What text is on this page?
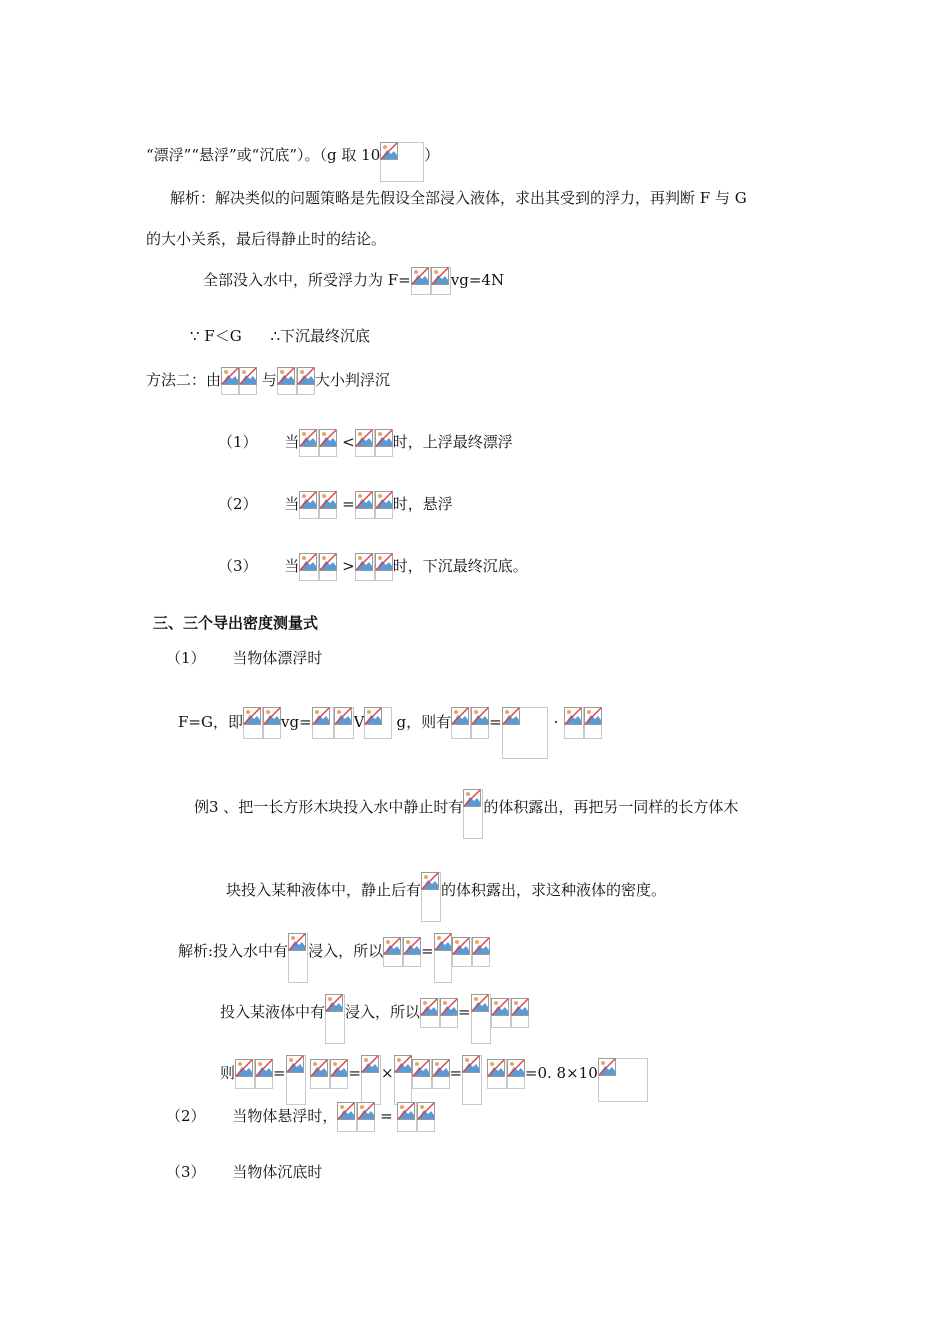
“漂浮”“悬浮”或“沉底”）。（g 取 10	）
解析：解决类似的问题策略是先假设全部浸入液体，求出其受到的浮力，再判断 F 与 G
的大小关系，最后得静止时的结论。
全部没入水中，所受浮力为 F=	vg=4N
∵ F＜G ∴下沉最终沉底
方法二：由	与	大小判浮沉
（1） 当	<	时，上浮最终漂浮
（2） 当	=	时，悬浮
（3） 当	>	时，下沉最终沉底。
三、三个导出密度测量式
（1） 当物体漂浮时
F=G，即	vg=	V g，则有	=	·
例3 、把一长方形木块投入水中静止时有 的体积露出，再把另一同样的长方体木
块投入某种液体中，静止后有 的体积露出，求这种液体的密度。
解析:投入水中有 浸入，所以	=
投入某液体中有 浸入，所以	=
则	=
	= ×	=
	=0. 8×10
（2） 当物体悬浮时，	=
（3） 当物体沉底时
